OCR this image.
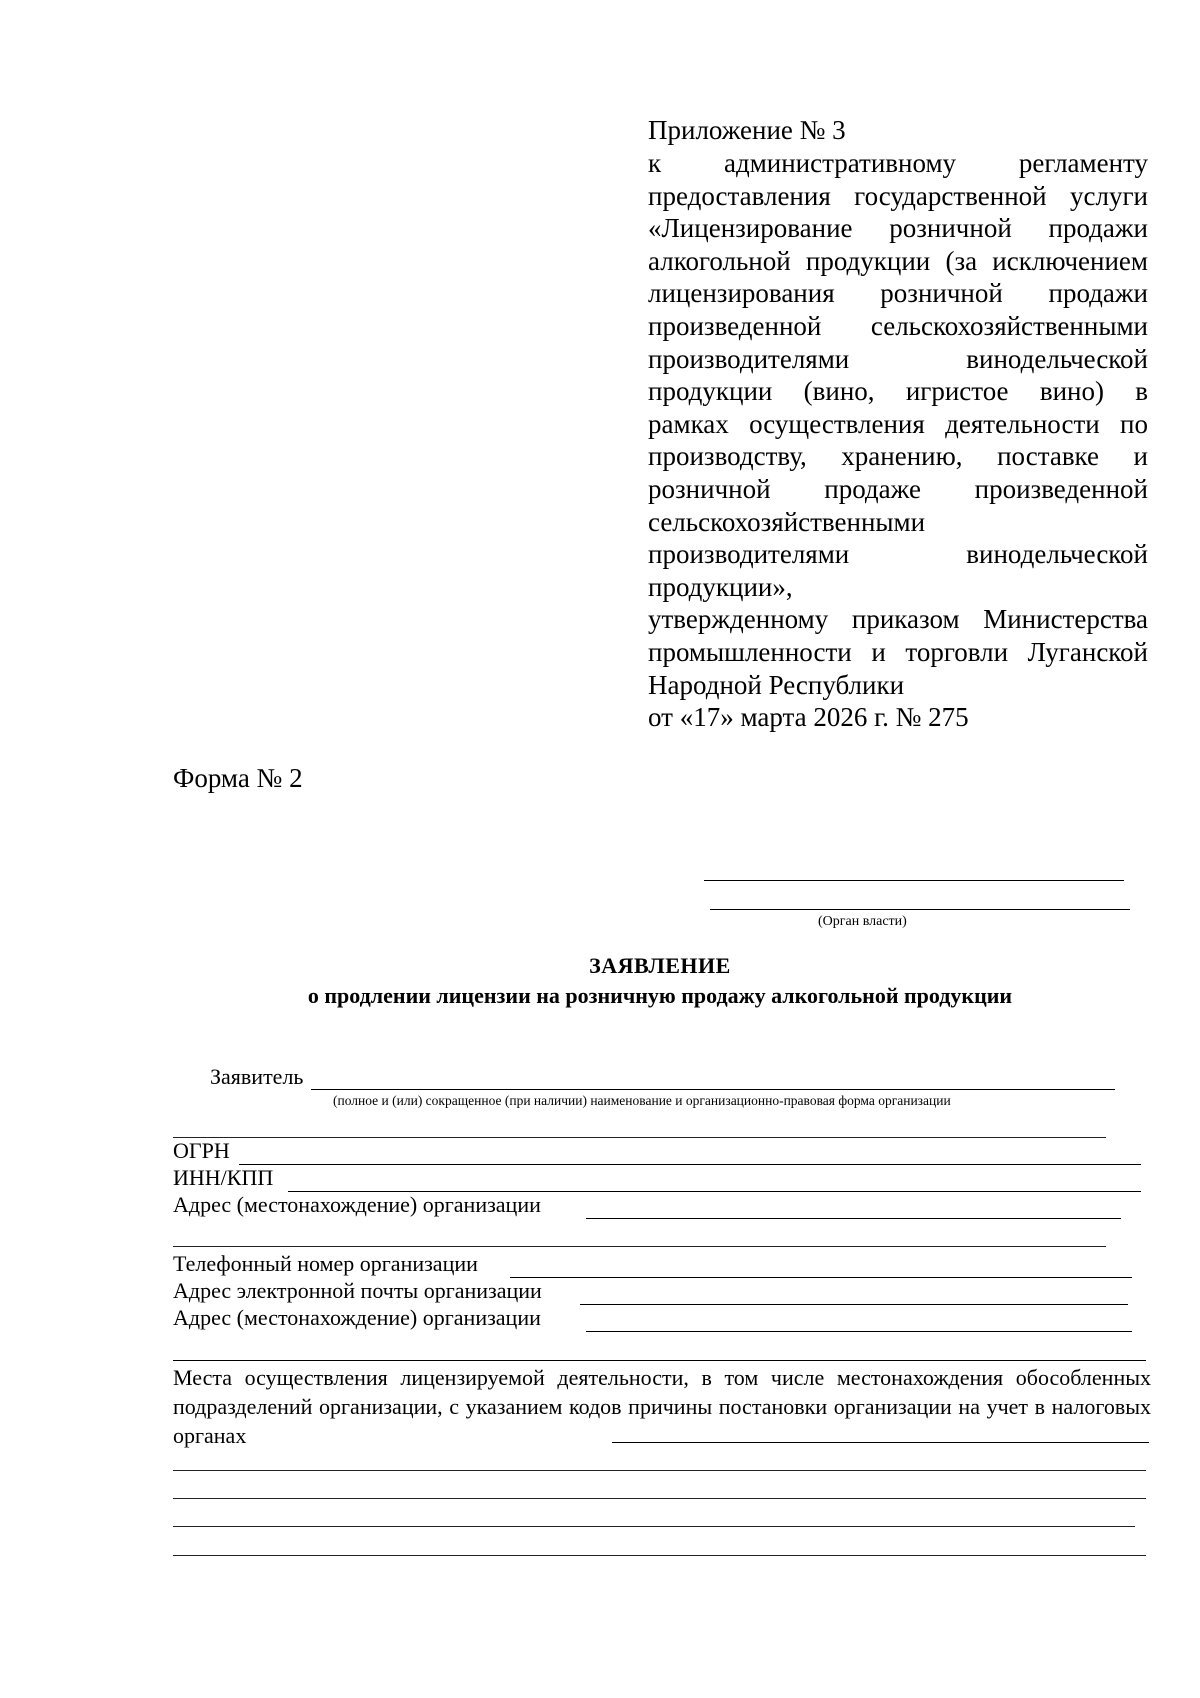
Приложение № 3
к административному регламенту
предоставления государственной услуги
«Лицензирование розничной продажи
алкогольной продукции (за исключением
лицензирования розничной продажи
произведенной сельскохозяйственными
производителями винодельческой
продукции (вино, игристое вино) в
рамках осуществления деятельности по
производству, хранению, поставке и
розничной продаже произведенной
сельскохозяйственными
производителями винодельческой
продукции»,
утвержденному приказом Министерства
промышленности и торговли Луганской
Народной Республики
от «17» марта 2026 г. № 275
Форма № 2
(Орган власти)
ЗАЯВЛЕНИЕ
о продлении лицензии на розничную продажу алкогольной продукции
Заявитель
(полное и (или) сокращенное (при наличии) наименование и организационно-правовая форма организации
ОГРН
ИНН/КПП
Адрес (местонахождение) организации
Телефонный номер организации
Адрес электронной почты организации
Адрес (местонахождение) организации
Места осуществления лицензируемой деятельности, в том числе местонахождения обособленных подразделений организации, с указанием кодов причины постановки организации на учет в налоговых органах
